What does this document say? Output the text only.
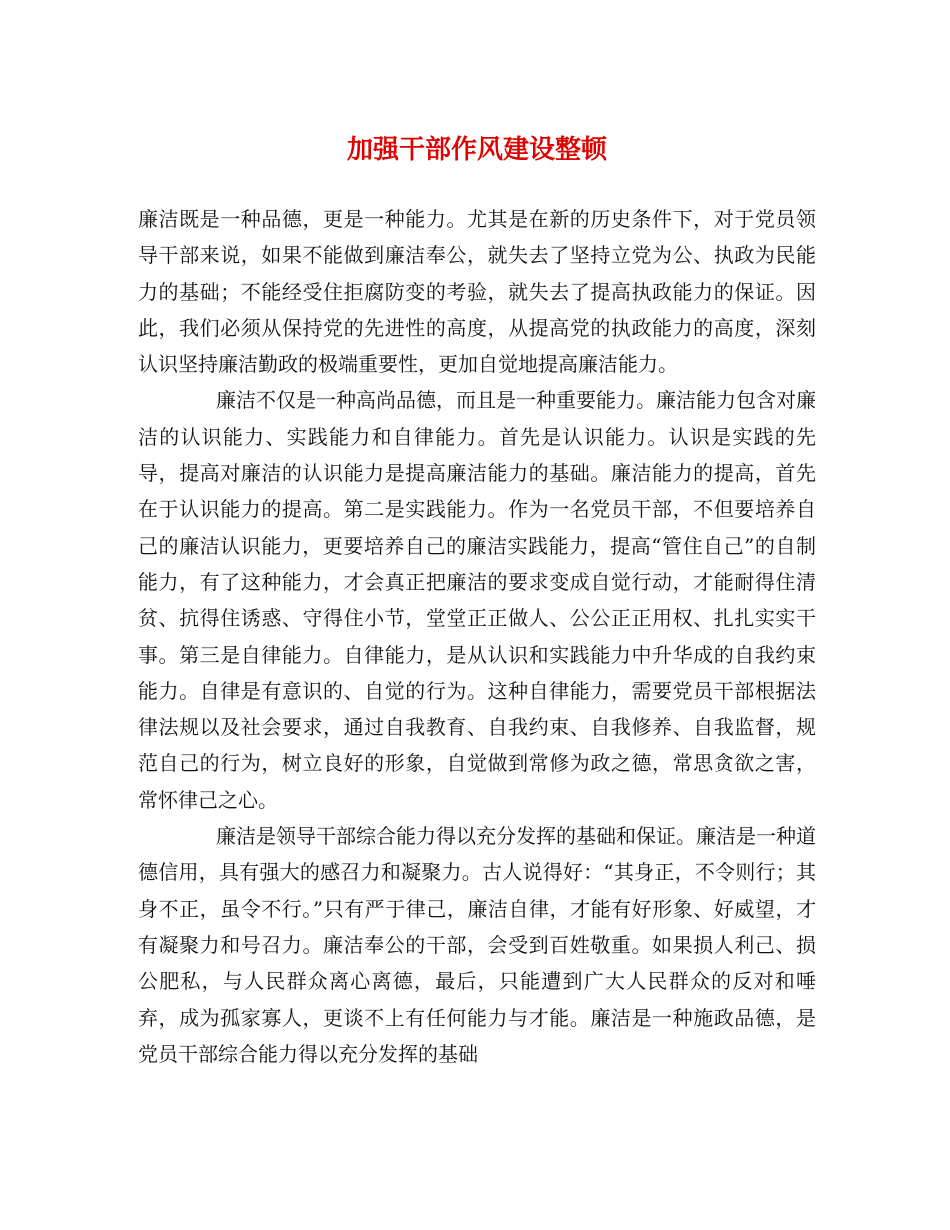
加强干部作风建设整顿

廉洁既是一种品德，更是一种能力。尤其是在新的历史条件下，对于党员领导干部来说，如果不能做到廉洁奉公，就失去了坚持立党为公、执政为民能力的基础；不能经受住拒腐防变的考验，就失去了提高执政能力的保证。因此，我们必须从保持党的先进性的高度，从提高党的执政能力的高度，深刻认识坚持廉洁勤政的极端重要性，更加自觉地提高廉洁能力。

廉洁不仅是一种高尚品德，而且是一种重要能力。廉洁能力包含对廉洁的认识能力、实践能力和自律能力。首先是认识能力。认识是实践的先导，提高对廉洁的认识能力是提高廉洁能力的基础。廉洁能力的提高，首先在于认识能力的提高。第二是实践能力。作为一名党员干部，不但要培养自己的廉洁认识能力，更要培养自己的廉洁实践能力，提高“管住自己”的自制能力，有了这种能力，才会真正把廉洁的要求变成自觉行动，才能耐得住清贫、抗得住诱惑、守得住小节，堂堂正正做人、公公正正用权、扎扎实实干事。第三是自律能力。自律能力，是从认识和实践能力中升华成的自我约束能力。自律是有意识的、自觉的行为。这种自律能力，需要党员干部根据法律法规以及社会要求，通过自我教育、自我约束、自我修养、自我监督，规范自己的行为，树立良好的形象，自觉做到常修为政之德，常思贪欲之害，常怀律己之心。

廉洁是领导干部综合能力得以充分发挥的基础和保证。廉洁是一种道德信用，具有强大的感召力和凝聚力。古人说得好：“其身正，不令则行；其身不正，虽令不行。”只有严于律己，廉洁自律，才能有好形象、好威望，才有凝聚力和号召力。廉洁奉公的干部，会受到百姓敬重。如果损人利己、损公肥私，与人民群众离心离德，最后，只能遭到广大人民群众的反对和唾弃，成为孤家寡人，更谈不上有任何能力与才能。廉洁是一种施政品德，是党员干部综合能力得以充分发挥的基础
